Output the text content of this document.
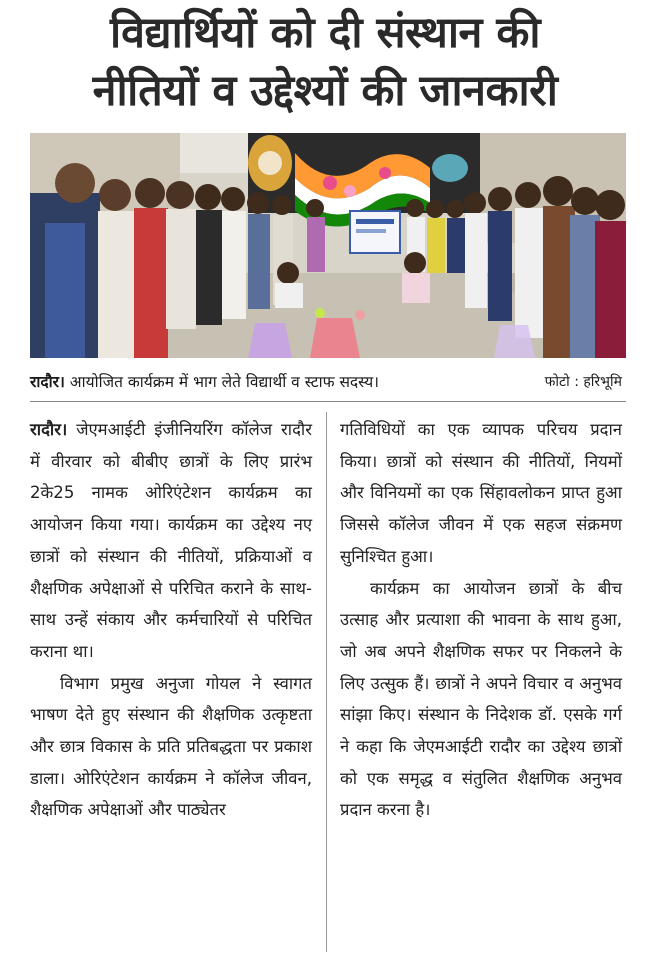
विद्यार्थियों को दी संस्थान की
नीतियों व उद्देश्यों की जानकारी
रादौर। आयोजित कार्यक्रम में भाग लेते विद्यार्थी व स्टाफ सदस्य।	फोटो : हरिभूमि

रादौर। जेएमआईटी इंजीनियरिंग कॉलेज रादौर में वीरवार को बीबीए छात्रों के लिए प्रारंभ 2के25 नामक ओरिएंटेशन कार्यक्रम का आयोजन किया गया। कार्यक्रम का उद्देश्य नए छात्रों को संस्थान की नीतियों, प्रक्रियाओं व शैक्षणिक अपेक्षाओं से परिचित कराने के साथ-साथ उन्हें संकाय और कर्मचारियों से परिचित कराना था।

विभाग प्रमुख अनुजा गोयल ने स्वागत भाषण देते हुए संस्थान की शैक्षणिक उत्कृष्टता और छात्र विकास के प्रति प्रतिबद्धता पर प्रकाश डाला। ओरिएंटेशन कार्यक्रम ने कॉलेज जीवन, शैक्षणिक अपेक्षाओं और पाठ्येतर

गतिविधियों का एक व्यापक परिचय प्रदान किया। छात्रों को संस्थान की नीतियों, नियमों और विनियमों का एक सिंहावलोकन प्राप्त हुआ जिससे कॉलेज जीवन में एक सहज संक्रमण सुनिश्चित हुआ।

कार्यक्रम का आयोजन छात्रों के बीच उत्साह और प्रत्याशा की भावना के साथ हुआ, जो अब अपने शैक्षणिक सफर पर निकलने के लिए उत्सुक हैं। छात्रों ने अपने विचार व अनुभव सांझा किए। संस्थान के निदेशक डॉ. एसके गर्ग ने कहा कि जेएमआईटी रादौर का उद्देश्य छात्रों को एक समृद्ध व संतुलित शैक्षणिक अनुभव प्रदान करना है।
